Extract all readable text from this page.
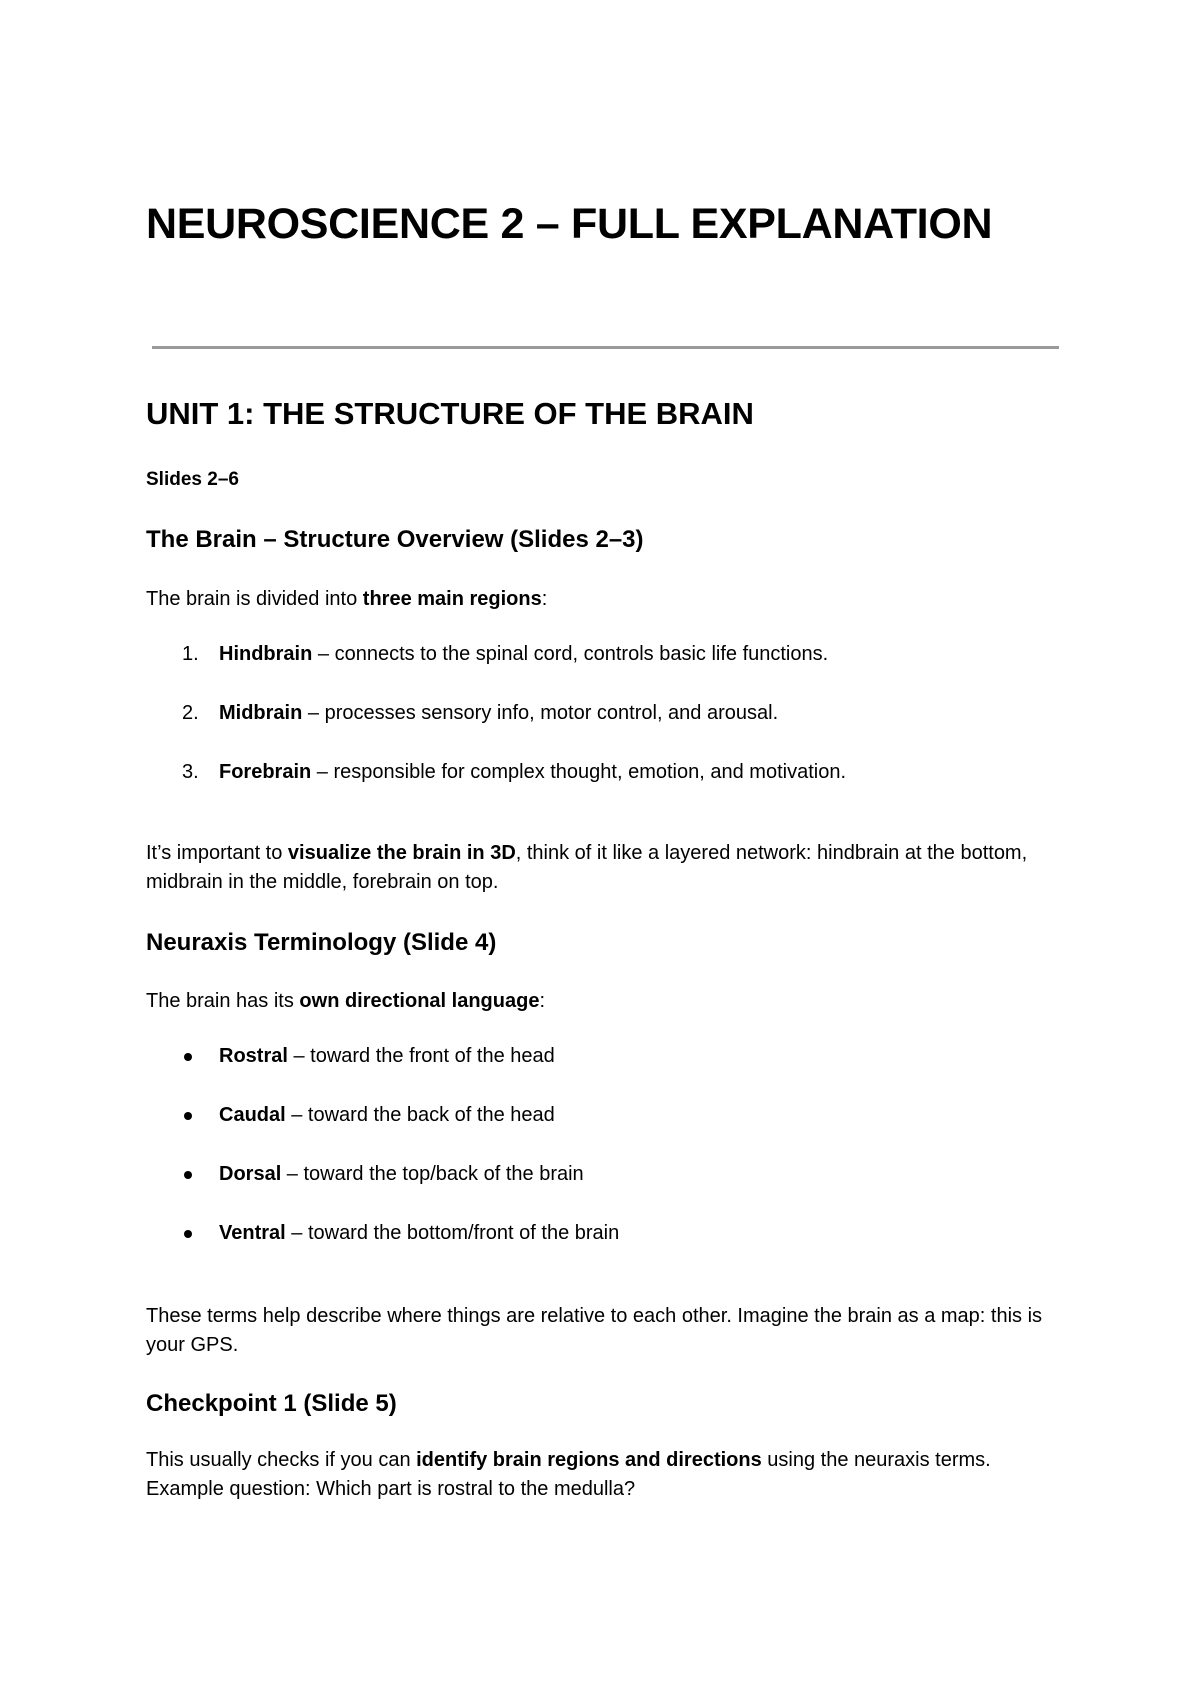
NEUROSCIENCE 2 – FULL EXPLANATION
UNIT 1: THE STRUCTURE OF THE BRAIN

Slides 2–6

The Brain – Structure Overview (Slides 2–3)

The brain is divided into three main regions:

1.	Hindbrain – connects to the spinal cord, controls basic life functions.
2.	Midbrain – processes sensory info, motor control, and arousal.
3.	Forebrain – responsible for complex thought, emotion, and motivation.

It’s important to visualize the brain in 3D, think of it like a layered network: hindbrain at the bottom, midbrain in the middle, forebrain on top.

Neuraxis Terminology (Slide 4)

The brain has its own directional language:

Rostral – toward the front of the head
Caudal – toward the back of the head
Dorsal – toward the top/back of the brain
Ventral – toward the bottom/front of the brain

These terms help describe where things are relative to each other. Imagine the brain as a map: this is your GPS.

Checkpoint 1 (Slide 5)

This usually checks if you can identify brain regions and directions using the neuraxis terms. Example question: Which part is rostral to the medulla?
